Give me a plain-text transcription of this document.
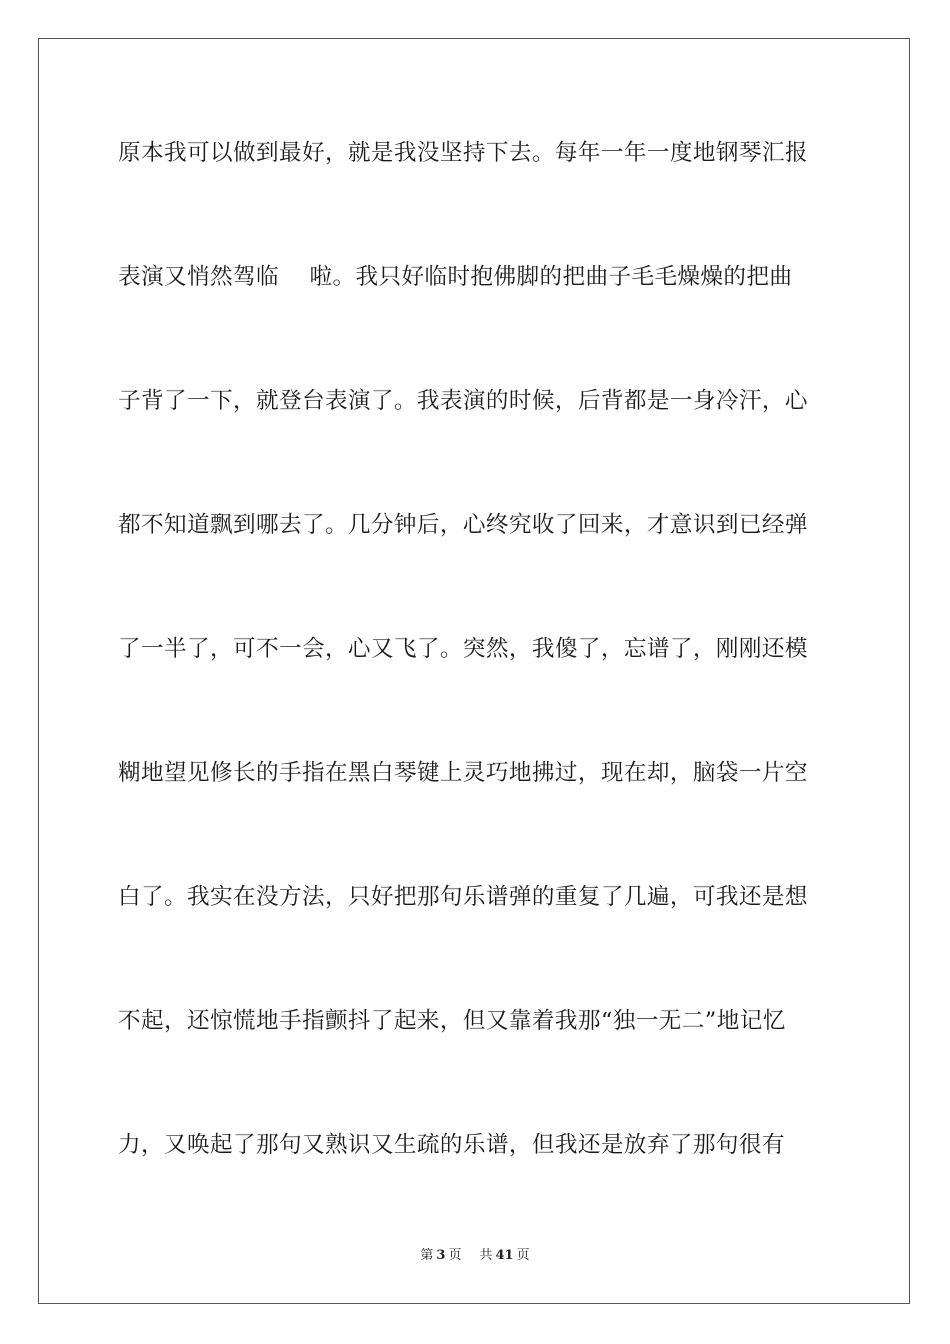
原本我可以做到最好，就是我没坚持下去。每年一年一度地钢琴汇报
表演又悄然驾临　 啦。我只好临时抱佛脚的把曲子毛毛燥燥的把曲
子背了一下，就登台表演了。我表演的时候，后背都是一身冷汗，心
都不知道飘到哪去了。几分钟后，心终究收了回来，才意识到已经弹
了一半了，可不一会，心又飞了。突然，我傻了，忘谱了，刚刚还模
糊地望见修长的手指在黑白琴键上灵巧地拂过，现在却，脑袋一片空
白了。我实在没方法，只好把那句乐谱弹的重复了几遍，可我还是想
不起，还惊慌地手指颤抖了起来，但又靠着我那“独一无二”地记忆
力，又唤起了那句又熟识又生疏的乐谱，但我还是放弃了那句很有
第 3 页 共 41 页
